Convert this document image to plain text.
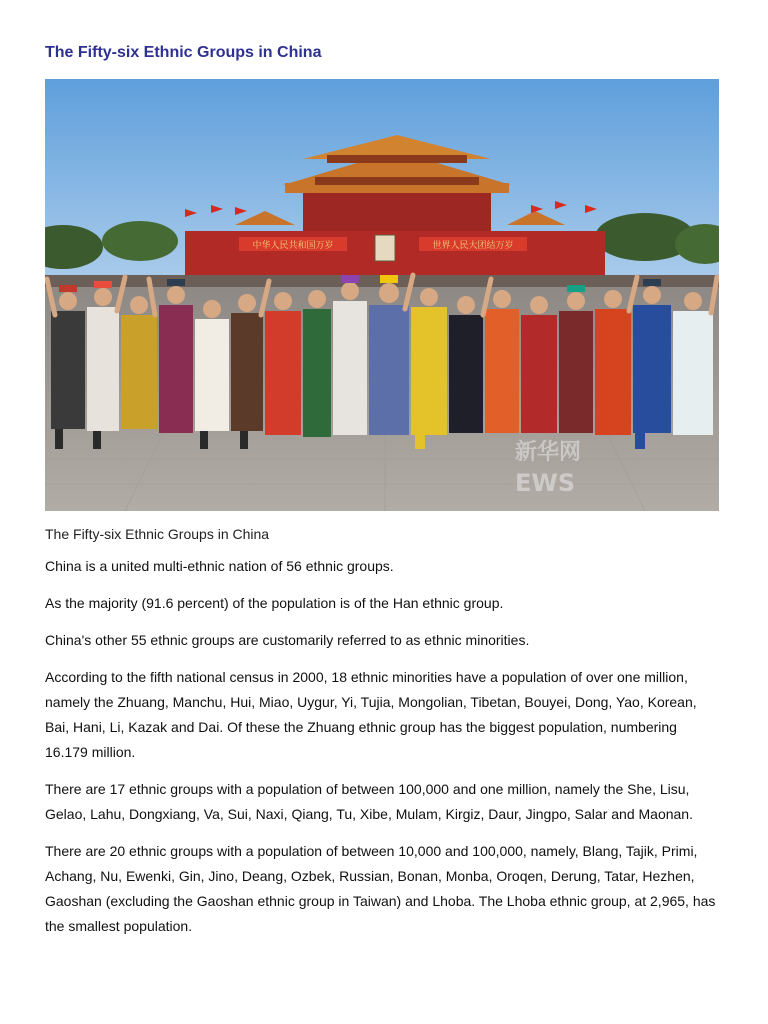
The Fifty-six Ethnic Groups in China
中华人民共和国万岁	世界人民大团结万岁
新华网
EWS
The Fifty-six Ethnic Groups in China

China is a united multi-ethnic nation of 56 ethnic groups.

As the majority (91.6 percent) of the population is of the Han ethnic group.

China's other 55 ethnic groups are customarily referred to as ethnic minorities.

According to the fifth national census in 2000, 18 ethnic minorities have a population of over one million, namely the Zhuang, Manchu, Hui, Miao, Uygur, Yi, Tujia, Mongolian, Tibetan, Bouyei, Dong, Yao, Korean, Bai, Hani, Li, Kazak and Dai. Of these the Zhuang ethnic group has the biggest population, numbering 16.179 million.

There are 17 ethnic groups with a population of between 100,000 and one million, namely the She, Lisu, Gelao, Lahu, Dongxiang, Va, Sui, Naxi, Qiang, Tu, Xibe, Mulam, Kirgiz, Daur, Jingpo, Salar and Maonan.

There are 20 ethnic groups with a population of between 10,000 and 100,000, namely, Blang, Tajik, Primi, Achang, Nu, Ewenki, Gin, Jino, Deang, Ozbek, Russian, Bonan, Monba, Oroqen, Derung, Tatar, Hezhen, Gaoshan (excluding the Gaoshan ethnic group in Taiwan) and Lhoba. The Lhoba ethnic group, at 2,965, has the smallest population.
